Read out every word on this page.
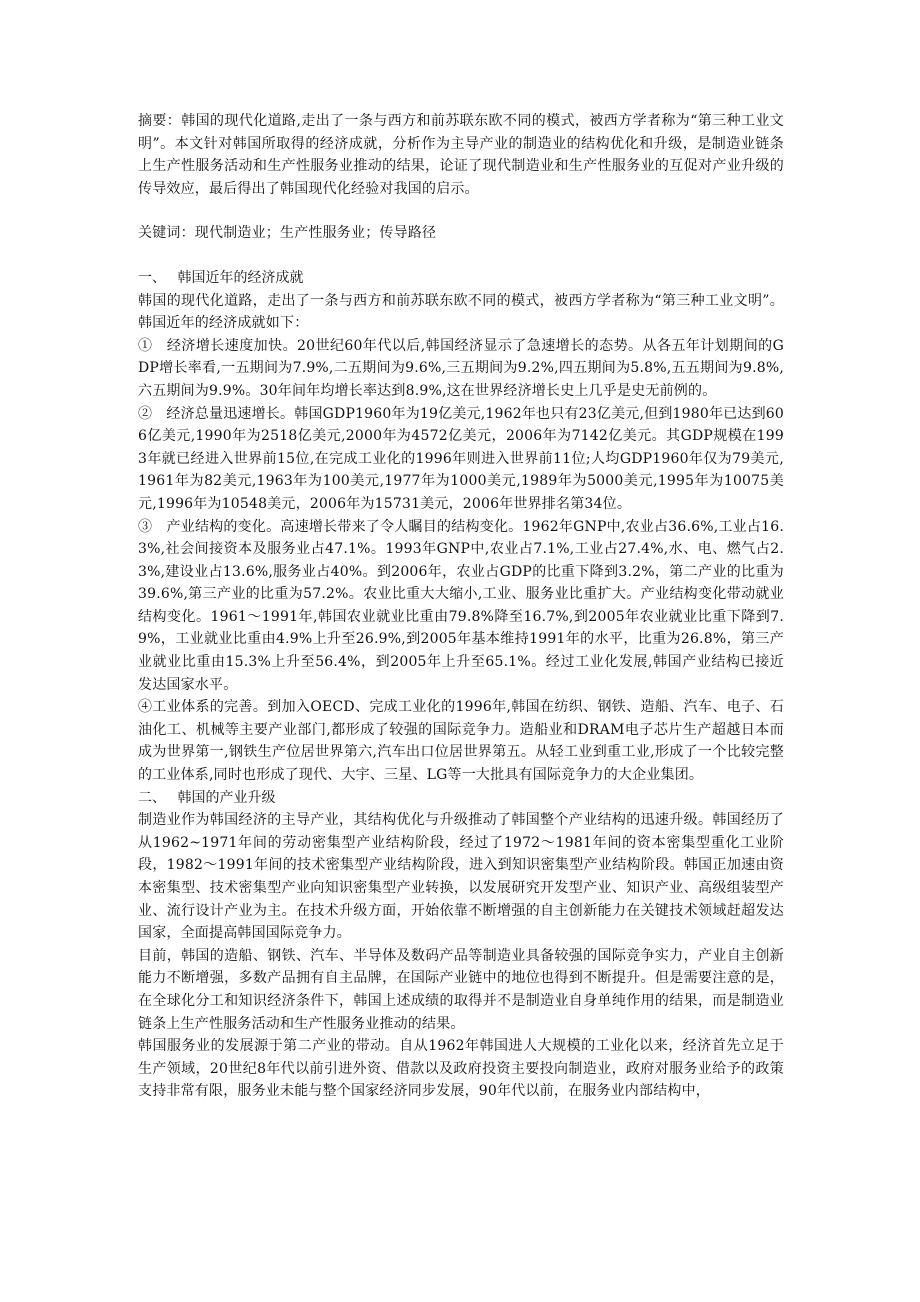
摘要：韩国的现代化道路,走出了一条与西方和前苏联东欧不同的模式，被西方学者称为“第三种工业文明”。本文针对韩国所取得的经济成就，分析作为主导产业的制造业的结构优化和升级，是制造业链条上生产性服务活动和生产性服务业推动的结果，论证了现代制造业和生产性服务业的互促对产业升级的传导效应，最后得出了韩国现代化经验对我国的启示。

关键词：现代制造业；生产性服务业；传导路径

一、　 韩国近年的经济成就

韩国的现代化道路，走出了一条与西方和前苏联东欧不同的模式，被西方学者称为“第三种工业文明”。韩国近年的经济成就如下：

①　经济增长速度加快。20世纪60年代以后,韩国经济显示了急速增长的态势。从各五年计划期间的GDP增长率看,一五期间为7.9%,二五期间为9.6%,三五期间为9.2%,四五期间为5.8%,五五期间为9.8%,六五期间为9.9%。30年间年均增长率达到8.9%,这在世界经济增长史上几乎是史无前例的。

②　经济总量迅速增长。韩国GDP1960年为19亿美元,1962年也只有23亿美元,但到1980年已达到606亿美元,1990年为2518亿美元,2000年为4572亿美元，2006年为7142亿美元。其GDP规模在1993年就已经进入世界前15位,在完成工业化的1996年则进入世界前11位;人均GDP1960年仅为79美元,1961年为82美元,1963年为100美元,1977年为1000美元,1989年为5000美元,1995年为10075美元,1996年为10548美元，2006年为15731美元，2006年世界排名第34位。

③　产业结构的变化。高速增长带来了令人瞩目的结构变化。1962年GNP中,农业占36.6%,工业占16.3%,社会间接资本及服务业占47.1%。1993年GNP中,农业占7.1%,工业占27.4%,水、电、燃气占2.3%,建设业占13.6%,服务业占40%。到2006年，农业占GDP的比重下降到3.2%，第二产业的比重为39.6%,第三产业的比重为57.2%。农业比重大大缩小,工业、服务业比重扩大。产业结构变化带动就业结构变化。1961～1991年,韩国农业就业比重由79.8%降至16.7%,到2005年农业就业比重下降到7.9%，工业就业比重由4.9%上升至26.9%,到2005年基本维持1991年的水平，比重为26.8%，第三产业就业比重由15.3%上升至56.4%，到2005年上升至65.1%。经过工业化发展,韩国产业结构已接近发达国家水平。

④工业体系的完善。到加入OECD、完成工业化的1996年,韩国在纺织、钢铁、造船、汽车、电子、石油化工、机械等主要产业部门,都形成了较强的国际竞争力。造船业和DRAM电子芯片生产超越日本而成为世界第一,钢铁生产位居世界第六,汽车出口位居世界第五。从轻工业到重工业,形成了一个比较完整的工业体系,同时也形成了现代、大宇、三星、LG等一大批具有国际竞争力的大企业集团。

二、　 韩国的产业升级

制造业作为韩国经济的主导产业，其结构优化与升级推动了韩国整个产业结构的迅速升级。韩国经历了从1962~1971年间的劳动密集型产业结构阶段，经过了1972～1981年间的资本密集型重化工业阶段，1982～1991年间的技术密集型产业结构阶段，进入到知识密集型产业结构阶段。韩国正加速由资本密集型、技术密集型产业向知识密集型产业转换，以发展研究开发型产业、知识产业、高级组装型产业、流行设计产业为主。在技术升级方面，开始依靠不断增强的自主创新能力在关键技术领域赶超发达国家，全面提高韩国国际竞争力。

目前，韩国的造船、钢铁、汽车、半导体及数码产品等制造业具备较强的国际竞争实力，产业自主创新能力不断增强，多数产品拥有自主品牌，在国际产业链中的地位也得到不断提升。但是需要注意的是，在全球化分工和知识经济条件下，韩国上述成绩的取得并不是制造业自身单纯作用的结果，而是制造业链条上生产性服务活动和生产性服务业推动的结果。

韩国服务业的发展源于第二产业的带动。自从1962年韩国进人大规模的工业化以来，经济首先立足于生产领域，20世纪8年代以前引进外资、借款以及政府投资主要投向制造业，政府对服务业给予的政策支持非常有限，服务业未能与整个国家经济同步发展，90年代以前，在服务业内部结构中，
